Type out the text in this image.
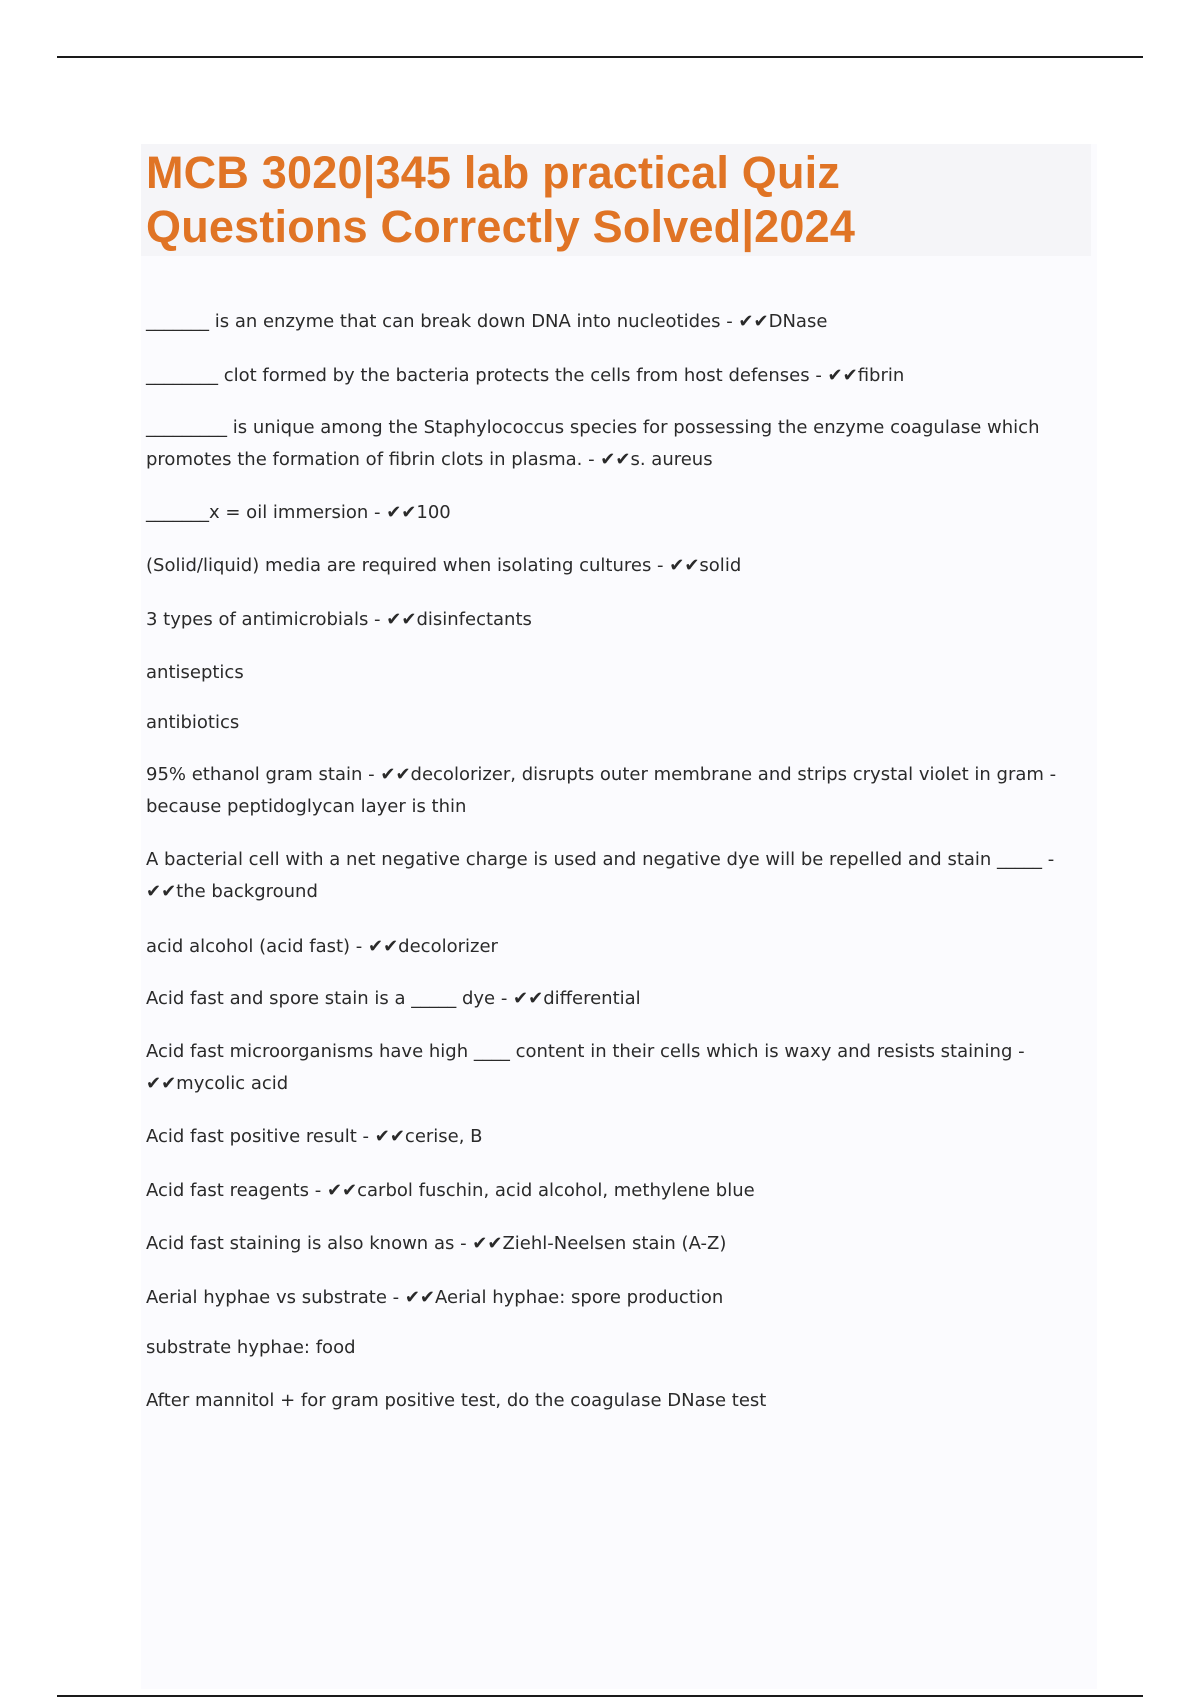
MCB 3020|345 lab practical Quiz Questions Correctly Solved|2024

_______ is an enzyme that can break down DNA into nucleotides - ✔✔DNase

________ clot formed by the bacteria protects the cells from host defenses - ✔✔fibrin

_________ is unique among the Staphylococcus species for possessing the enzyme coagulase which promotes the formation of fibrin clots in plasma. - ✔✔s. aureus

_______x = oil immersion - ✔✔100

(Solid/liquid) media are required when isolating cultures - ✔✔solid

3 types of antimicrobials - ✔✔disinfectants

antiseptics

antibiotics

95% ethanol gram stain - ✔✔decolorizer, disrupts outer membrane and strips crystal violet in gram - because peptidoglycan layer is thin

A bacterial cell with a net negative charge is used and negative dye will be repelled and stain _____ - ✔✔the background

acid alcohol (acid fast) - ✔✔decolorizer

Acid fast and spore stain is a _____ dye - ✔✔differential

Acid fast microorganisms have high ____ content in their cells which is waxy and resists staining - ✔✔mycolic acid

Acid fast positive result - ✔✔cerise, B

Acid fast reagents - ✔✔carbol fuschin, acid alcohol, methylene blue

Acid fast staining is also known as - ✔✔Ziehl-Neelsen stain (A-Z)

Aerial hyphae vs substrate - ✔✔Aerial hyphae: spore production

substrate hyphae: food

After mannitol + for gram positive test, do the coagulase DNase test
